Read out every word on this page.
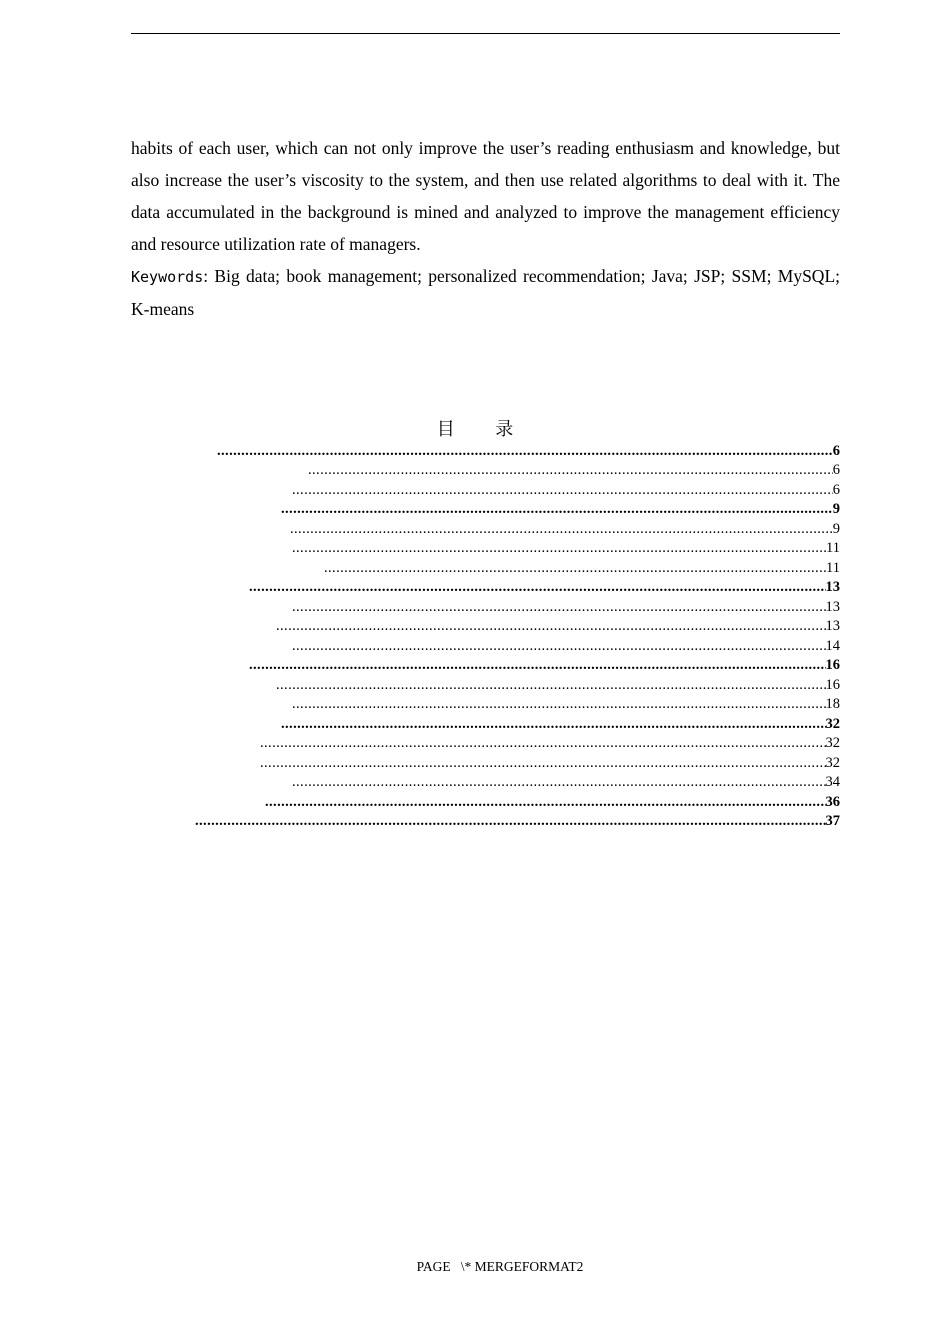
habits of each user, which can not only improve the user’s reading enthusiasm and knowledge, but also increase the user’s viscosity to the system, and then use related algorithms to deal with it. The data accumulated in the background is mined and analyzed to improve the management efficiency and resource utilization rate of managers.

Keywords: Big data; book management; personalized recommendation; Java; JSP; SSM; MySQL; K-means

目 录
.....
6
.....
6
.....
6
.....
9
.....
9
.....
11
.....
11
.....
13
.....
13
.....
13
.....
14
.....
16
.....
16
.....
18
.....
32
.....
32
.....
32
.....
34
.....
36
.....
37
PAGE   \* MERGEFORMAT2
